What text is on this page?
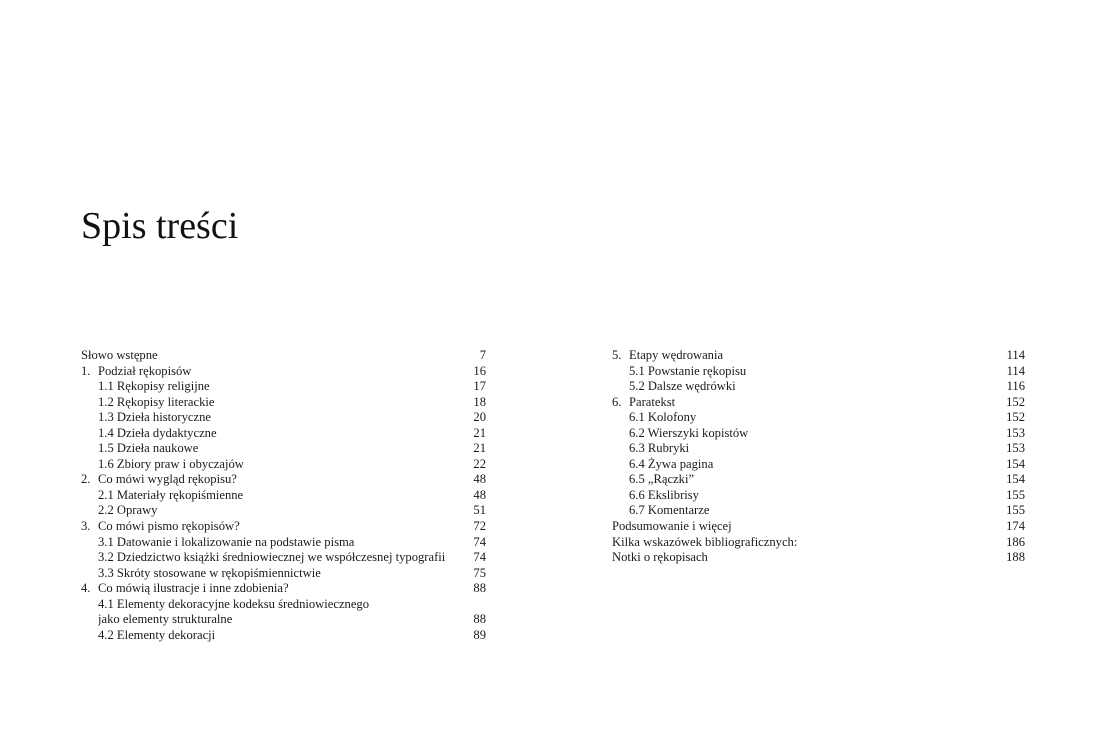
Spis treści
Słowo wstępne	7
1. Podział rękopisów	16
1.1 Rękopisy religijne	17
1.2 Rękopisy literackie	18
1.3 Dzieła historyczne	20
1.4 Dzieła dydaktyczne	21
1.5 Dzieła naukowe	21
1.6 Zbiory praw i obyczajów	22
2. Co mówi wygląd rękopisu?	48
2.1 Materiały rękopiśmienne	48
2.2 Oprawy	51
3. Co mówi pismo rękopisów?	72
3.1 Datowanie i lokalizowanie na podstawie pisma	74
3.2 Dziedzictwo książki średniowiecznej we współczesnej typografii	74
3.3 Skróty stosowane w rękopiśmiennictwie	75
4. Co mówią ilustracje i inne zdobienia?	88
4.1 Elementy dekoracyjne kodeksu średniowiecznego
jako elementy strukturalne	88
4.2 Elementy dekoracji	89
5. Etapy wędrowania	114
5.1 Powstanie rękopisu	114
5.2 Dalsze wędrówki	116
6. Paratekst	152
6.1 Kolofony	152
6.2 Wierszyki kopistów	153
6.3 Rubryki	153
6.4 Żywa pagina	154
6.5 „Rączki”	154
6.6 Ekslibrisy	155
6.7 Komentarze	155
Podsumowanie i więcej	174
Kilka wskazówek bibliograficznych:	186
Notki o rękopisach	188
